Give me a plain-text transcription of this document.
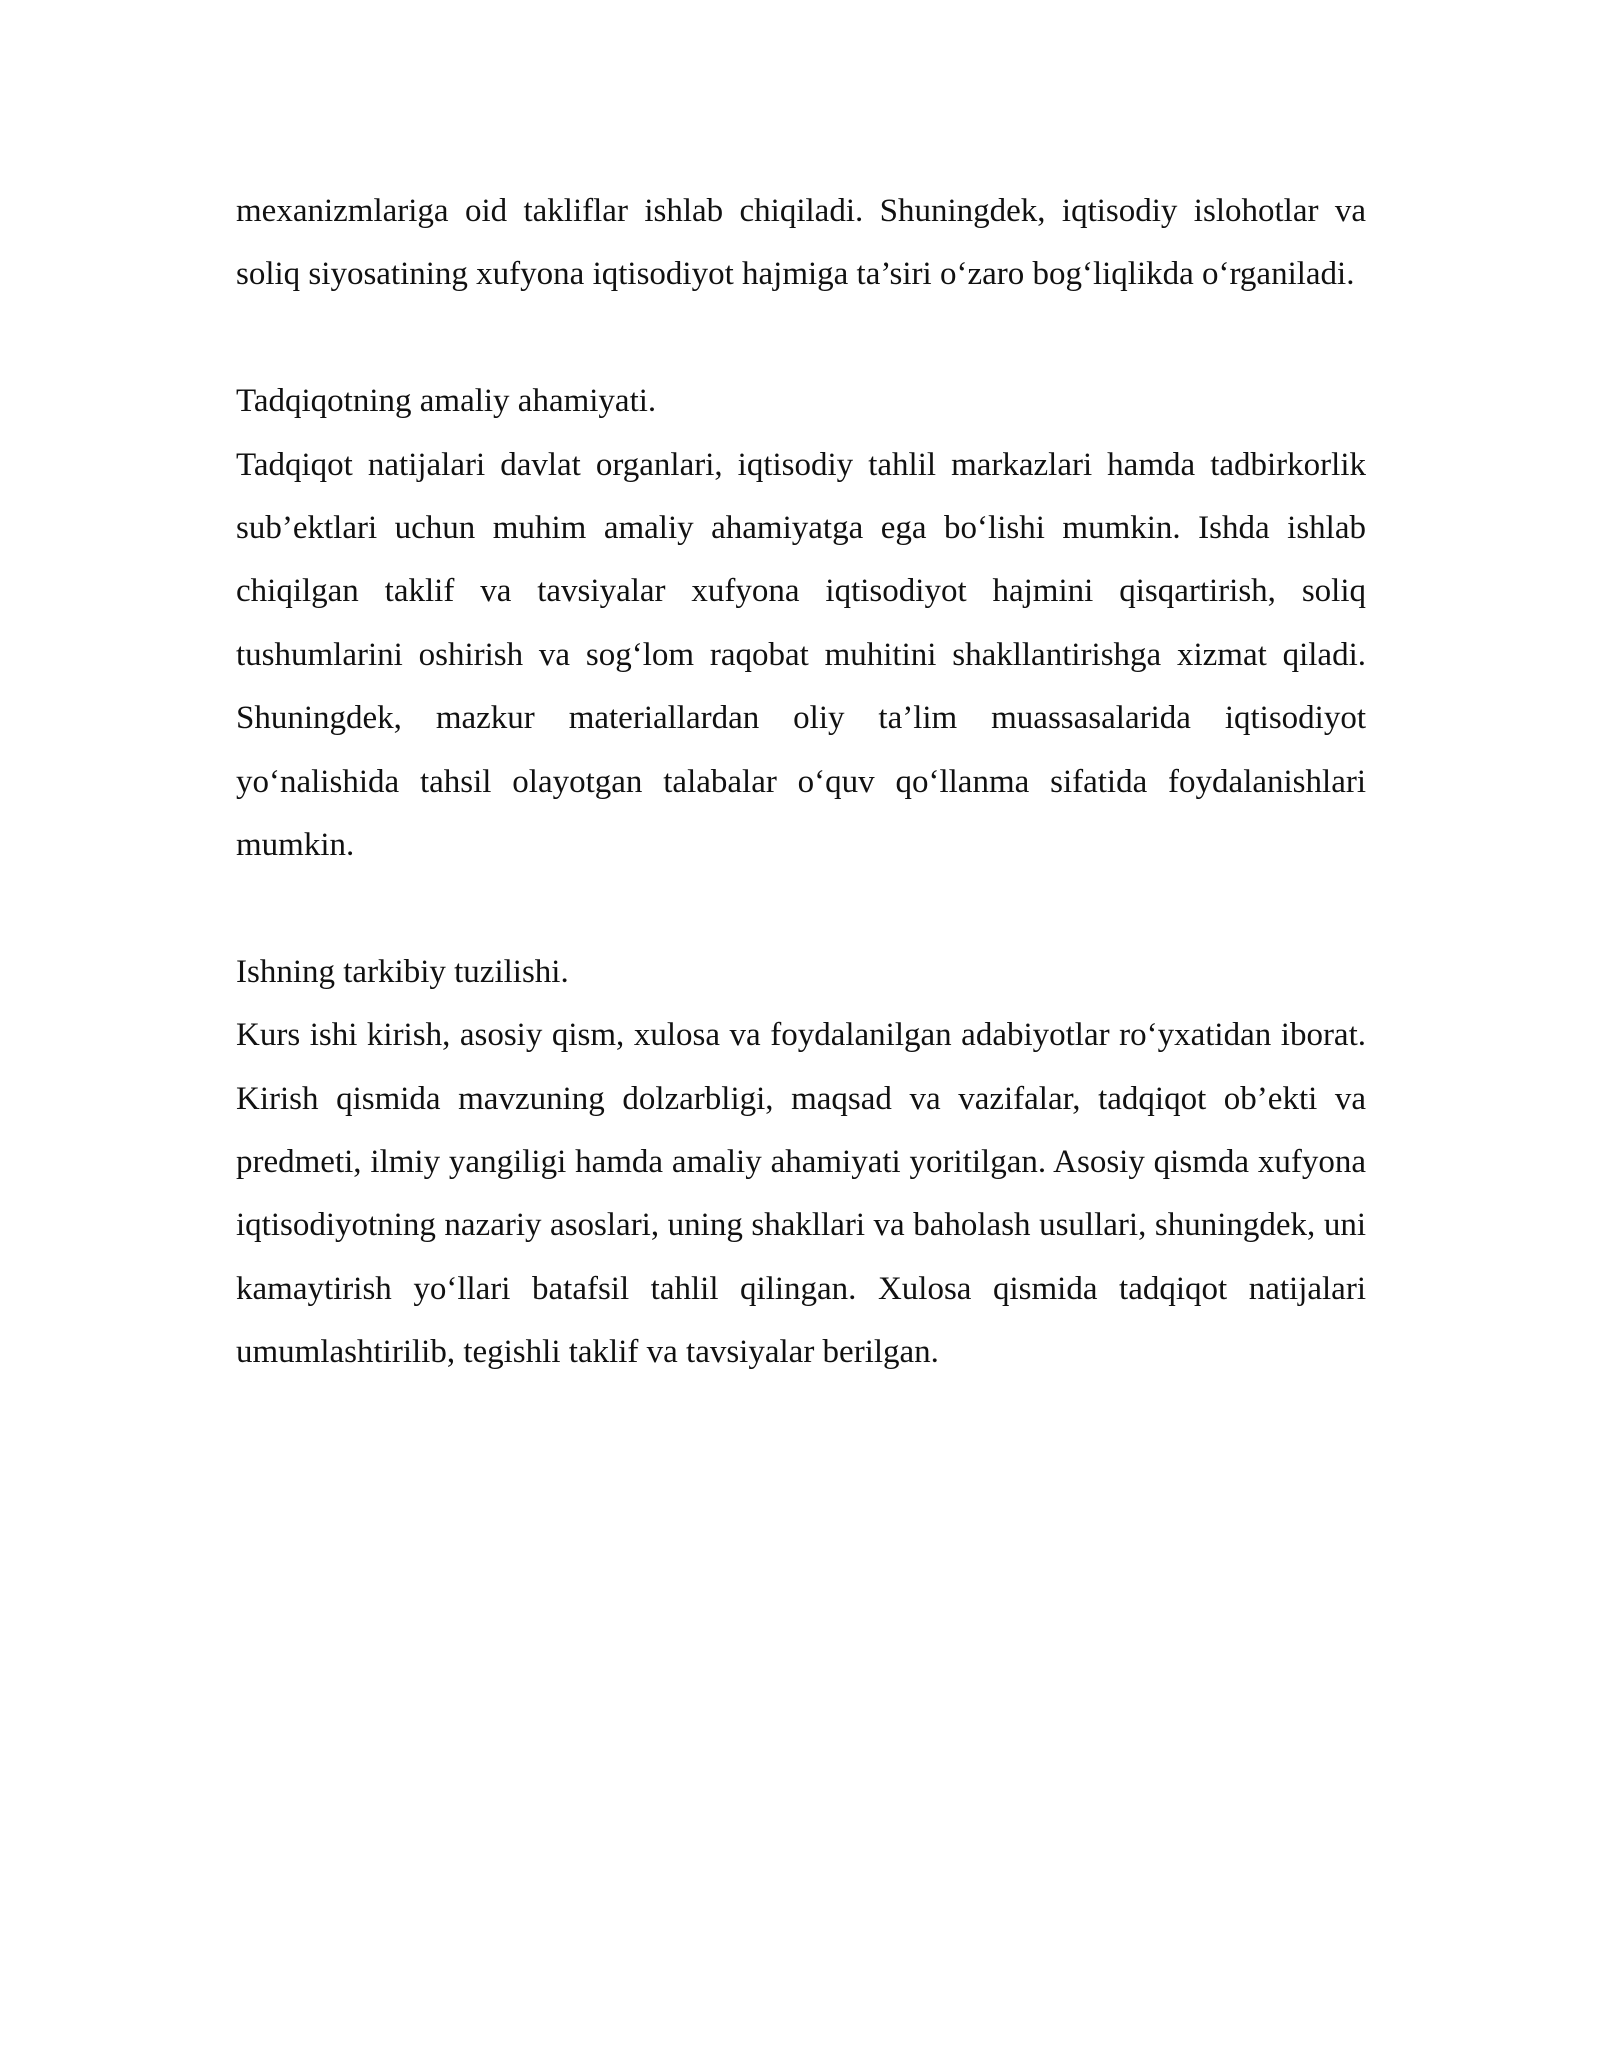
mexanizmlariga oid takliflar ishlab chiqiladi. Shuningdek, iqtisodiy islohotlar va soliq siyosatining xufyona iqtisodiyot hajmiga ta’siri o‘zaro bog‘liqlikda o‘rganiladi.

Tadqiqotning amaliy ahamiyati.

Tadqiqot natijalari davlat organlari, iqtisodiy tahlil markazlari hamda tadbirkorlik sub’ektlari uchun muhim amaliy ahamiyatga ega bo‘lishi mumkin. Ishda ishlab chiqilgan taklif va tavsiyalar xufyona iqtisodiyot hajmini qisqartirish, soliq tushumlarini oshirish va sog‘lom raqobat muhitini shakllantirishga xizmat qiladi. Shuningdek, mazkur materiallardan oliy ta’lim muassasalarida iqtisodiyot yo‘nalishida tahsil olayotgan talabalar o‘quv qo‘llanma sifatida foydalanishlari mumkin.

Ishning tarkibiy tuzilishi.

Kurs ishi kirish, asosiy qism, xulosa va foydalanilgan adabiyotlar ro‘yxatidan iborat. Kirish qismida mavzuning dolzarbligi, maqsad va vazifalar, tadqiqot ob’ekti va predmeti, ilmiy yangiligi hamda amaliy ahamiyati yoritilgan. Asosiy qismda xufyona iqtisodiyotning nazariy asoslari, uning shakllari va baholash usullari, shuningdek, uni kamaytirish yo‘llari batafsil tahlil qilingan. Xulosa qismida tadqiqot natijalari umumlashtirilib, tegishli taklif va tavsiyalar berilgan.
